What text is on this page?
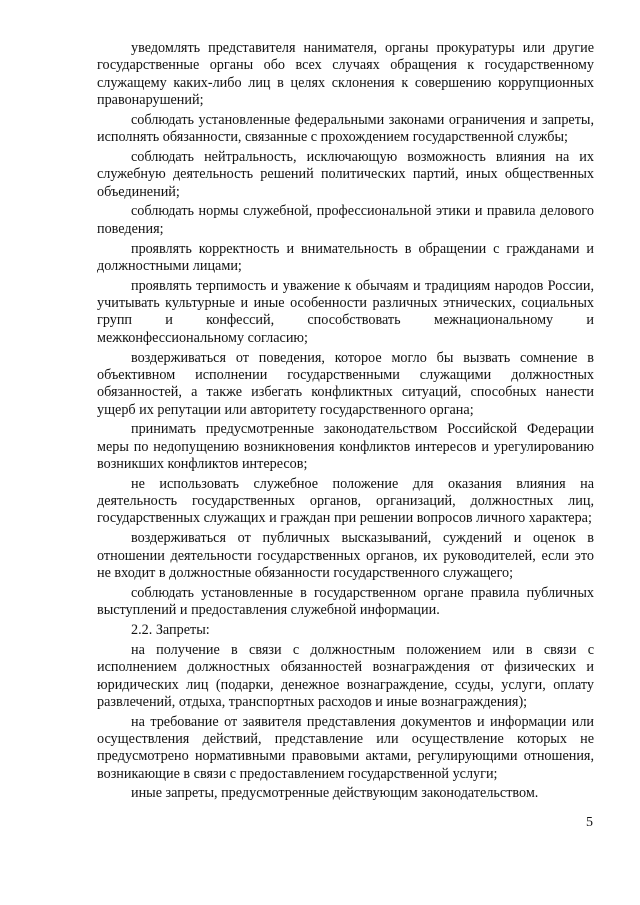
уведомлять представителя нанимателя, органы прокуратуры или другие государственные органы обо всех случаях обращения к государственному служащему каких-либо лиц в целях склонения к совершению коррупционных правонарушений;

соблюдать установленные федеральными законами ограничения и запреты, исполнять обязанности, связанные с прохождением государственной службы;

соблюдать нейтральность, исключающую возможность влияния на их служебную деятельность решений политических партий, иных общественных объединений;

соблюдать нормы служебной, профессиональной этики и правила делового поведения;

проявлять корректность и внимательность в обращении с гражданами и должностными лицами;

проявлять терпимость и уважение к обычаям и традициям народов России, учитывать культурные и иные особенности различных этнических, социальных групп и конфессий, способствовать межнациональному и межконфессиональному согласию;

воздерживаться от поведения, которое могло бы вызвать сомнение в объективном исполнении государственными служащими должностных обязанностей, а также избегать конфликтных ситуаций, способных нанести ущерб их репутации или авторитету государственного органа;

принимать предусмотренные законодательством Российской Федерации меры по недопущению возникновения конфликтов интересов и урегулированию возникших конфликтов интересов;

не использовать служебное положение для оказания влияния на деятельность государственных органов, организаций, должностных лиц, государственных служащих и граждан при решении вопросов личного характера;

воздерживаться от публичных высказываний, суждений и оценок в отношении деятельности государственных органов, их руководителей, если это не входит в должностные обязанности государственного служащего;

соблюдать установленные в государственном органе правила публичных выступлений и предоставления служебной информации.

2.2. Запреты:

на получение в связи с должностным положением или в связи с исполнением должностных обязанностей вознаграждения от физических и юридических лиц (подарки, денежное вознаграждение, ссуды, услуги, оплату развлечений, отдыха, транспортных расходов и иные вознаграждения);

на требование от заявителя представления документов и информации или осуществления действий, представление или осуществление которых не предусмотрено нормативными правовыми актами, регулирующими отношения, возникающие в связи с предоставлением государственной услуги;

иные запреты, предусмотренные действующим законодательством.

5
